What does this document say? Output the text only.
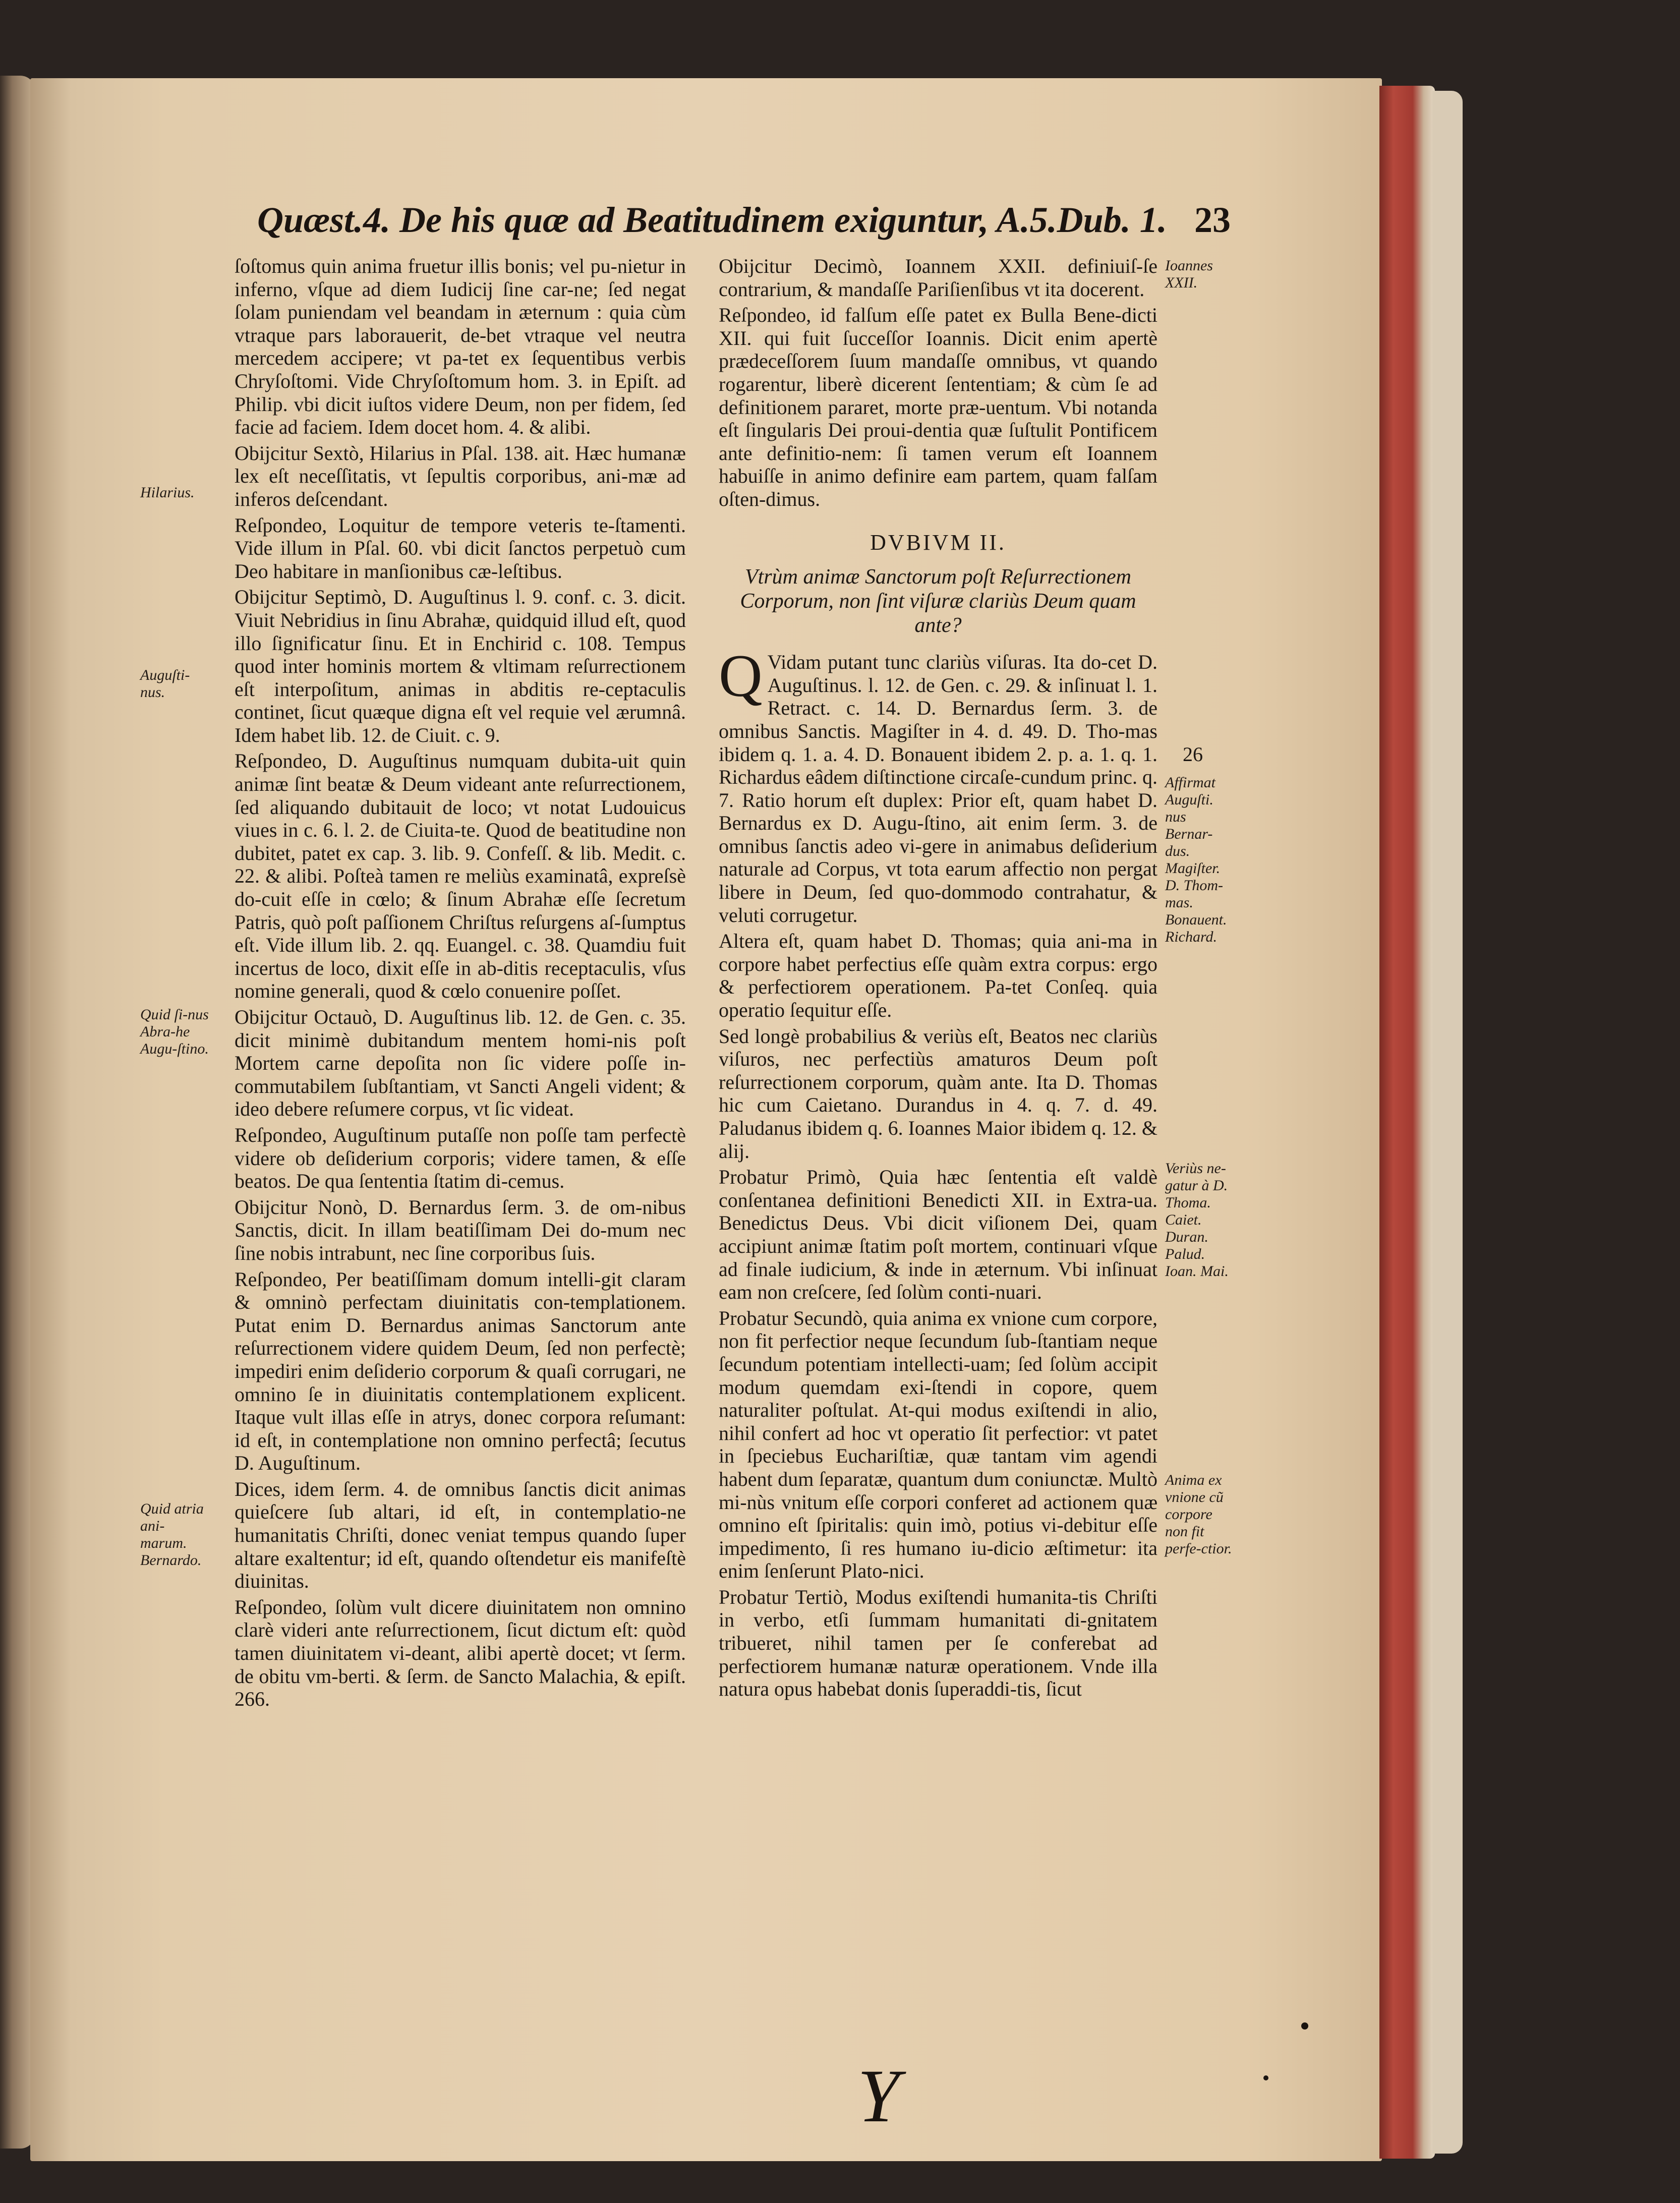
Quæst.4. De his quæ ad Beatitudinem exiguntur, A.5.Dub. 1. 23

ſoſtomus quin anima fruetur illis bonis; vel pu-nietur in inferno, vſque ad diem Iudicij ſine car-ne; ſed negat ſolam puniendam vel beandam in æternum : quia cùm vtraque pars laborauerit, de-bet vtraque vel neutra mercedem accipere; vt pa-tet ex ſequentibus verbis Chryſoſtomi. Vide Chryſoſtomum hom. 3. in Epiſt. ad Philip. vbi dicit iuſtos videre Deum, non per fidem, ſed facie ad faciem. Idem docet hom. 4. & alibi.

Obijcitur Sextò, Hilarius in Pſal. 138. ait. Hæc humanæ lex eſt neceſſitatis, vt ſepultis corporibus, ani-mæ ad inferos deſcendant.

Reſpondeo, Loquitur de tempore veteris te-ſtamenti. Vide illum in Pſal. 60. vbi dicit ſanctos perpetuò cum Deo habitare in manſionibus cæ-leſtibus.

Obijcitur Septimò, D. Auguſtinus l. 9. conf. c. 3. dicit. Viuit Nebridius in ſinu Abrahæ, quidquid illud eſt, quod illo ſignificatur ſinu. Et in Enchirid c. 108. Tempus quod inter hominis mortem & vltimam reſurrectionem eſt interpoſitum, animas in abditis re-ceptaculis continet, ſicut quæque digna eſt vel requie vel ærumnâ. Idem habet lib. 12. de Ciuit. c. 9.

Reſpondeo, D. Auguſtinus numquam dubita-uit quin animæ ſint beatæ & Deum videant ante reſurrectionem, ſed aliquando dubitauit de loco; vt notat Ludouicus viues in c. 6. l. 2. de Ciuita-te. Quod de beatitudine non dubitet, patet ex cap. 3. lib. 9. Confeſſ. & lib. Medit. c. 22. & alibi. Poſteà tamen re meliùs examinatâ, expreſsè do-cuit eſſe in cœlo; & ſinum Abrahæ eſſe ſecretum Patris, quò poſt paſſionem Chriſtus reſurgens aſ-ſumptus eſt. Vide illum lib. 2. qq. Euangel. c. 38. Quamdiu fuit incertus de loco, dixit eſſe in ab-ditis receptaculis, vſus nomine generali, quod & cœlo conuenire poſſet.

Obijcitur Octauò, D. Auguſtinus lib. 12. de Gen. c. 35. dicit minimè dubitandum mentem homi-nis poſt Mortem carne depoſita non ſic videre poſſe in-commutabilem ſubſtantiam, vt Sancti Angeli vident; & ideo debere reſumere corpus, vt ſic videat.

Reſpondeo, Auguſtinum putaſſe non poſſe tam perfectè videre ob deſiderium corporis; videre tamen, & eſſe beatos. De qua ſententia ſtatim di-cemus.

Obijcitur Nonò, D. Bernardus ſerm. 3. de om-nibus Sanctis, dicit. In illam beatiſſimam Dei do-mum nec ſine nobis intrabunt, nec ſine corporibus ſuis.

Reſpondeo, Per beatiſſimam domum intelli-git claram & omninò perfectam diuinitatis con-templationem. Putat enim D. Bernardus animas Sanctorum ante reſurrectionem videre quidem Deum, ſed non perfectè; impediri enim deſiderio corporum & quaſi corrugari, ne omnino ſe in diuinitatis contemplationem explicent. Itaque vult illas eſſe in atrys, donec corpora reſumant: id eſt, in contemplatione non omnino perfectâ; ſecutus D. Auguſtinum.

Dices, idem ſerm. 4. de omnibus ſanctis dicit animas quieſcere ſub altari, id eſt, in contemplatio-ne humanitatis Chriſti, donec veniat tempus quando ſuper altare exaltentur; id eſt, quando oſtendetur eis manifeſtè diuinitas.

Reſpondeo, ſolùm vult dicere diuinitatem non omnino clarè videri ante reſurrectionem, ſicut dictum eſt: quòd tamen diuinitatem vi-deant, alibi apertè docet; vt ſerm. de obitu vm-berti. & ſerm. de Sancto Malachia, & epiſt. 266.

Obijcitur Decimò, Ioannem XXII. definiuiſ-ſe contrarium, & mandaſſe Pariſienſibus vt ita docerent.

Reſpondeo, id falſum eſſe patet ex Bulla Bene-dicti XII. qui fuit ſucceſſor Ioannis. Dicit enim apertè prædeceſſorem ſuum mandaſſe omnibus, vt quando rogarentur, liberè dicerent ſententiam; & cùm ſe ad definitionem pararet, morte præ-uentum. Vbi notanda eſt ſingularis Dei proui-dentia quæ ſuſtulit Pontificem ante definitio-nem: ſi tamen verum eſt Ioannem habuiſſe in animo definire eam partem, quam falſam oſten-dimus.

DVBIVM II.
Vtrùm animæ Sanctorum poſt Reſurrectionem Corporum, non ſint viſuræ clariùs Deum quam ante?

Q Vidam putant tunc clariùs viſuras. Ita do-cet D. Auguſtinus. l. 12. de Gen. c. 29. & inſinuat l. 1. Retract. c. 14. D. Bernardus ſerm. 3. de omnibus Sanctis. Magiſter in 4. d. 49. D. Tho-mas ibidem q. 1. a. 4. D. Bonauent ibidem 2. p. a. 1. q. 1. Richardus eâdem diſtinctione circaſe-cundum princ. q. 7. Ratio horum eſt duplex: Prior eſt, quam habet D. Bernardus ex D. Augu-ſtino, ait enim ſerm. 3. de omnibus ſanctis adeo vi-gere in animabus deſiderium naturale ad Corpus, vt tota earum affectio non pergat libere in Deum, ſed quo-dommodo contrahatur, & veluti corrugetur.

Altera eſt, quam habet D. Thomas; quia ani-ma in corpore habet perfectius eſſe quàm extra corpus: ergo & perfectiorem operationem. Pa-tet Conſeq. quia operatio ſequitur eſſe.

Sed longè probabilius & veriùs eſt, Beatos nec clariùs viſuros, nec perfectiùs amaturos Deum poſt reſurrectionem corporum, quàm ante. Ita D. Thomas hic cum Caietano. Durandus in 4. q. 7. d. 49. Paludanus ibidem q. 6. Ioannes Maior ibidem q. 12. & alij.

Probatur Primò, Quia hæc ſententia eſt valdè conſentanea definitioni Benedicti XII. in Extra-ua. Benedictus Deus. Vbi dicit viſionem Dei, quam accipiunt animæ ſtatim poſt mortem, continuari vſque ad finale iudicium, & inde in æternum. Vbi inſinuat eam non creſcere, ſed ſolùm conti-nuari.

Probatur Secundò, quia anima ex vnione cum corpore, non fit perfectior neque ſecundum ſub-ſtantiam neque ſecundum potentiam intellecti-uam; ſed ſolùm accipit modum quemdam exi-ſtendi in copore, quem naturaliter poſtulat. At-qui modus exiſtendi in alio, nihil confert ad hoc vt operatio ſit perfectior: vt patet in ſpeciebus Euchariſtiæ, quæ tantam vim agendi habent dum ſeparatæ, quantum dum coniunctæ. Multò mi-nùs vnitum eſſe corpori conferet ad actionem quæ omnino eſt ſpiritalis: quin imò, potius vi-debitur eſſe impedimento, ſi res humano iu-dicio æſtimetur: ita enim ſenſerunt Plato-nici.

Probatur Tertiò, Modus exiſtendi humanita-tis Chriſti in verbo, etſi ſummam humanitati di-gnitatem tribueret, nihil tamen per ſe conferebat ad perfectiorem humanæ naturæ operationem. Vnde illa natura opus habebat donis ſuperaddi-tis, ſicut

Hilarius.
Auguſti-nus.
Quid ſi-nus Abra-he Augu-ſtino.
Quid atria ani-marum. Bernardo.
Ioannes XXII.
26
Affirmat Auguſti. nus Bernar-dus. Magiſter. D. Thom-mas. Bonauent. Richard.
Veriùs ne-gatur à D. Thoma. Caiet. Duran. Palud. Ioan. Mai.
Anima ex vnione cũ corpore non fit perfe-ctior.
Y
